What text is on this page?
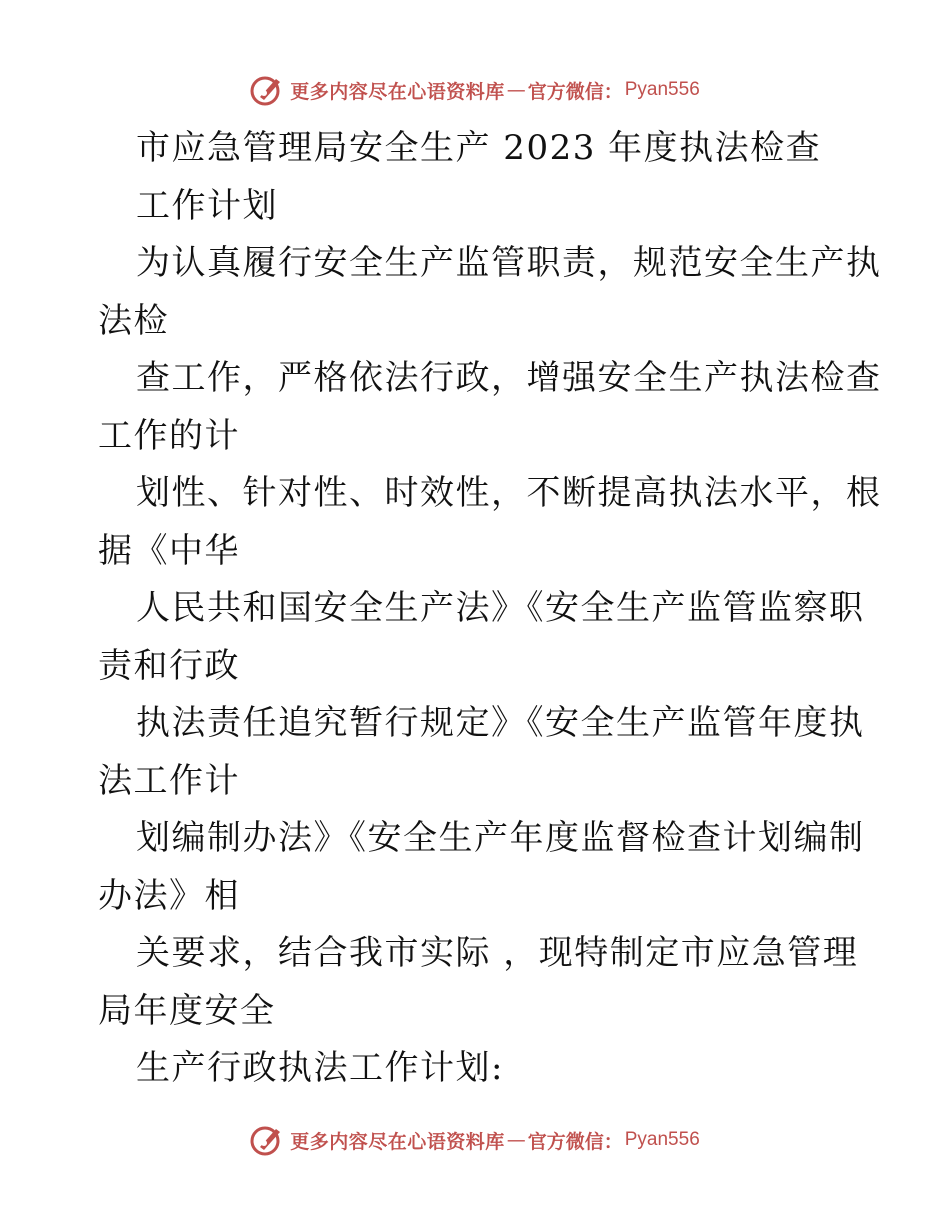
更多内容尽在心语资料库 — 官方微信： Pyan556
市应急管理局安全生产 2023 年度执法检查
工作计划
为认真履行安全生产监管职责，规范安全生产执
法检
查工作，严格依法行政，增强安全生产执法检查
工作的计
划性、针对性、时效性，不断提高执法水平，根
据《中华
人民共和国安全生产法》《安全生产监管监察职
责和行政
执法责任追究暂行规定》《安全生产监管年度执
法工作计
划编制办法》《安全生产年度监督检查计划编制
办法》相
关要求，结合我市实际 ，现特制定市应急管理
局年度安全
生产行政执法工作计划:
更多内容尽在心语资料库 — 官方微信： Pyan556
